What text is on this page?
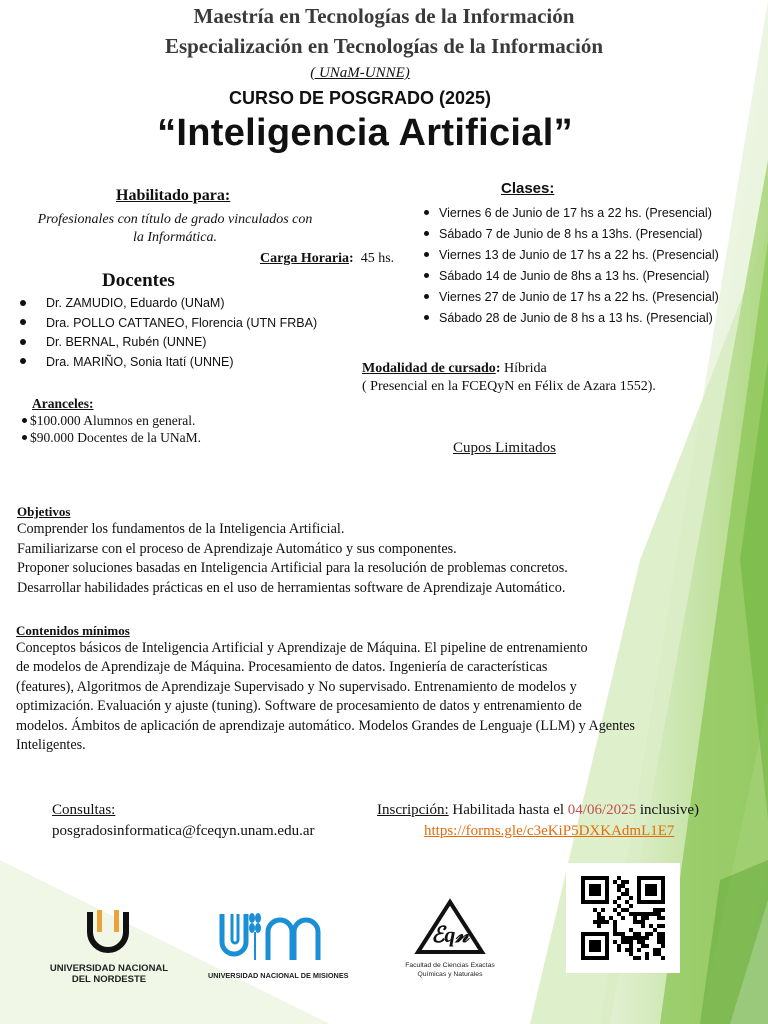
Maestría en Tecnologías de la Información
Especialización en Tecnologías de la Información
( UNaM-UNNE)
CURSO DE POSGRADO (2025)
“Inteligencia Artificial”
Habilitado para:
Profesionales con título de grado vinculados con
la Informática.
Carga Horaria: 45 hs.
Docentes
Dr. ZAMUDIO, Eduardo (UNaM)
Dra. POLLO CATTANEO, Florencia (UTN FRBA)
Dr. BERNAL, Rubén (UNNE)
Dra. MARIÑO, Sonia Itatí (UNNE)
Clases:
Viernes 6 de Junio de 17 hs a 22 hs. (Presencial)
Sábado 7 de Junio de 8 hs a 13hs. (Presencial)
Viernes 13 de Junio de 17 hs a 22 hs. (Presencial)
Sábado 14 de Junio de 8hs a 13 hs. (Presencial)
Viernes 27 de Junio de 17 hs a 22 hs. (Presencial)
Sábado 28 de Junio de 8 hs a 13 hs. (Presencial)
Modalidad de cursado: Híbrida
( Presencial en la FCEQyN en Félix de Azara 1552).
Aranceles:
$100.000 Alumnos en general.
$90.000 Docentes de la UNaM.
Cupos Limitados
Objetivos
Comprender los fundamentos de la Inteligencia Artificial.
Familiarizarse con el proceso de Aprendizaje Automático y sus componentes.
Proponer soluciones basadas en Inteligencia Artificial para la resolución de problemas concretos.
Desarrollar habilidades prácticas en el uso de herramientas software de Aprendizaje Automático.
Contenidos mínimos
Conceptos básicos de Inteligencia Artificial y Aprendizaje de Máquina. El pipeline de entrenamiento
de modelos de Aprendizaje de Máquina. Procesamiento de datos. Ingeniería de características
(features), Algoritmos de Aprendizaje Supervisado y No supervisado. Entrenamiento de modelos y
optimización. Evaluación y ajuste (tuning). Software de procesamiento de datos y entrenamiento de
modelos. Ámbitos de aplicación de aprendizaje automático. Modelos Grandes de Lenguaje (LLM) y Agentes
Inteligentes.
Consultas:
posgradosinformatica@fceqyn.unam.edu.ar
Inscripción: Habilitada hasta el 04/06/2025 inclusive)
https://forms.gle/c3eKiP5DXKAdmL1E7
UNIVERSIDAD NACIONAL
DEL NORDESTE	UNIVERSIDAD NACIONAL DE MISIONES
ℰq𝓃
Facultad de Ciencias Exactas
Químicas y Naturales
